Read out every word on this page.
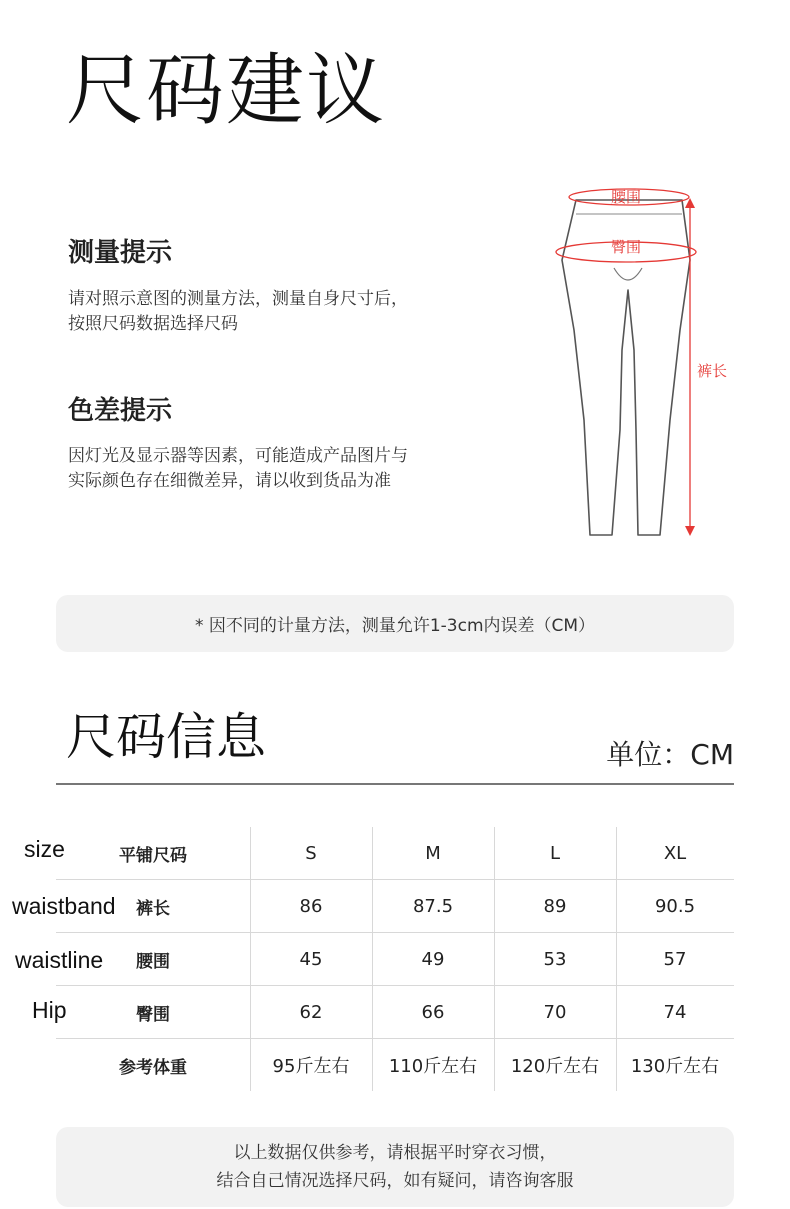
尺码建议
测量提示
请对照示意图的测量方法，测量自身尺寸后，
按照尺码数据选择尺码
色差提示
因灯光及显示器等因素，可能造成产品图片与
实际颜色存在细微差异，请以收到货品为准
腰围
臀围
裤长
* 因不同的计量方法，测量允许1-3cm内误差（CM）
尺码信息	单位：CM
平铺尺码	S	M	L	XL
裤长	86	87.5	89	90.5
腰围	45	49	53	57
臀围	62	66	70	74
参考体重	95斤左右	110斤左右	120斤左右	130斤左右
size
waistband
waistline
Hip
以上数据仅供参考，请根据平时穿衣习惯，
结合自己情况选择尺码，如有疑问，请咨询客服
